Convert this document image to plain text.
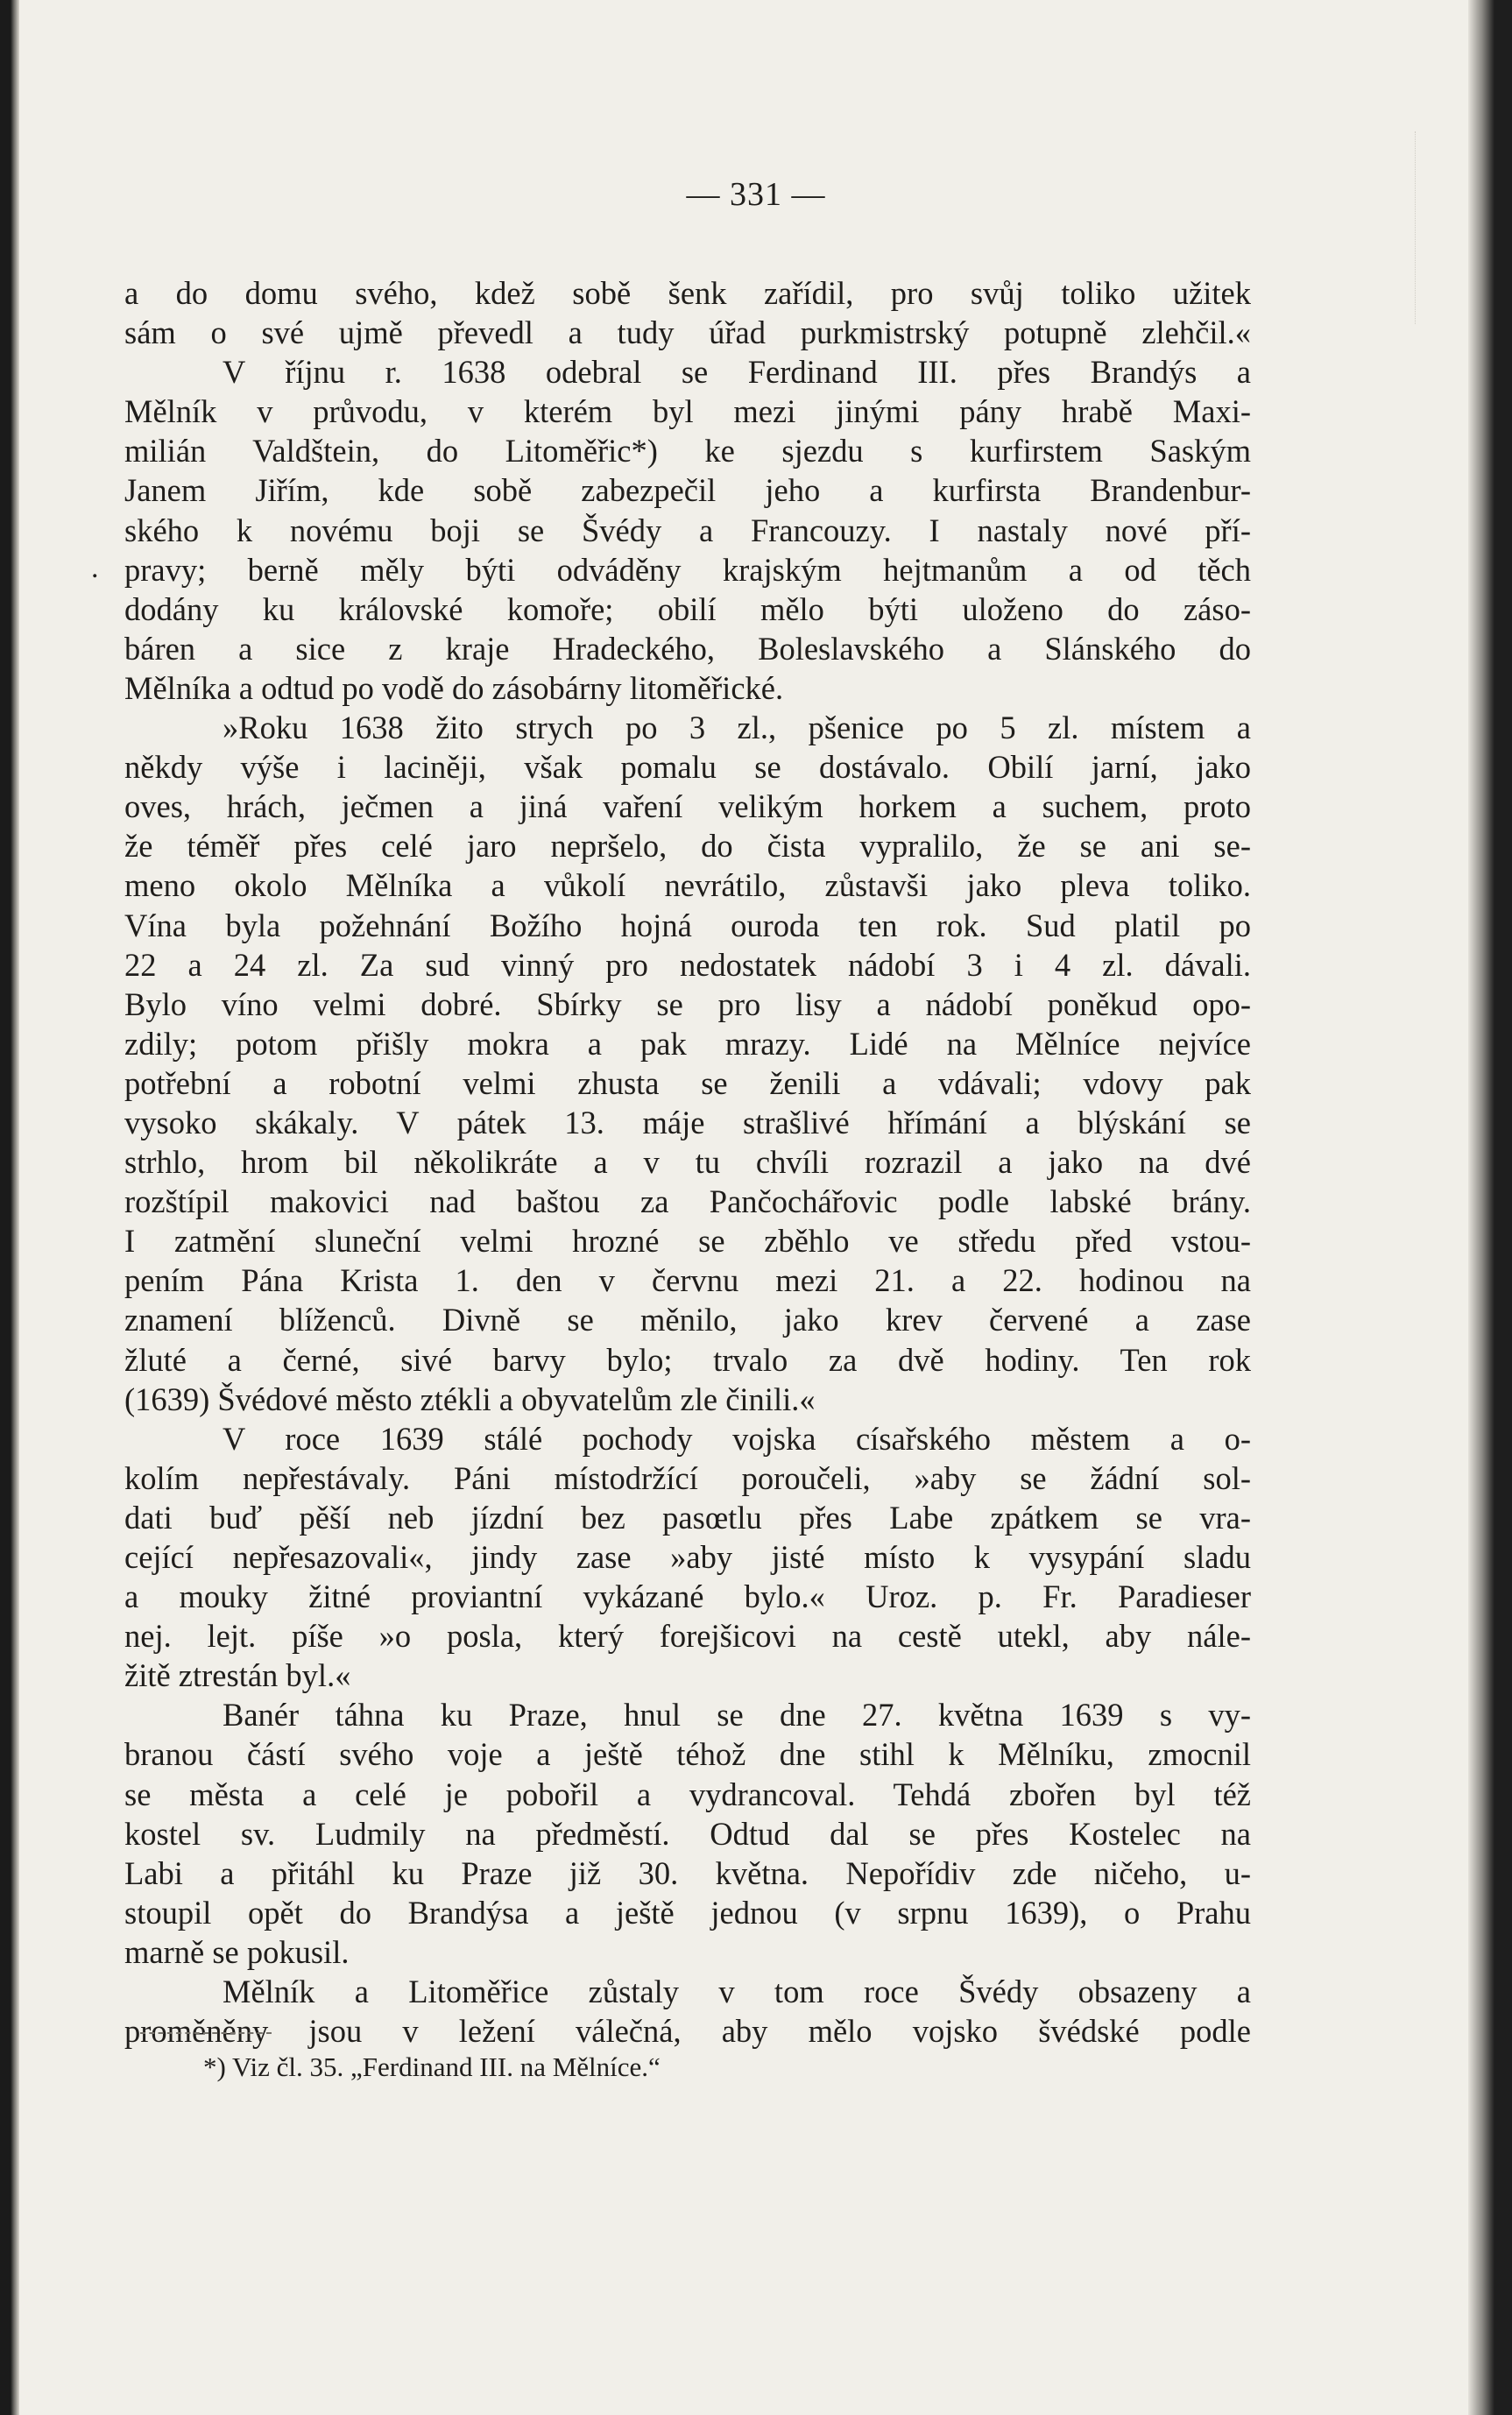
— 331 —
.
a do domu svého, kdež sobě šenk zařídil, pro svůj toliko užitek
sám o své ujmě převedl a tudy úřad purkmistrský potupně zlehčil.«
V říjnu r. 1638 odebral se Ferdinand III. přes Brandýs a
Mělník v průvodu, v kterém byl mezi jinými pány hrabě Maxi-
milián Valdštein, do Litoměřic*) ke sjezdu s kurfirstem Saským
Janem Jiřím, kde sobě zabezpečil jeho a kurfirsta Brandenbur-
ského k novému boji se Švédy a Francouzy. I nastaly nové pří-
pravy; berně měly býti odváděny krajským hejtmanům a od těch
dodány ku královské komoře; obilí mělo býti uloženo do záso-
báren a sice z kraje Hradeckého, Boleslavského a Slánského do
Mělníka a odtud po vodě do zásobárny litoměřické.
»Roku 1638 žito strych po 3 zl., pšenice po 5 zl. místem a
někdy výše i laciněji, však pomalu se dostávalo. Obilí jarní, jako
oves, hrách, ječmen a jiná vaření velikým horkem a suchem, proto
že téměř přes celé jaro nepršelo, do čista vypralilo, že se ani se-
meno okolo Mělníka a vůkolí nevrátilo, zůstavši jako pleva toliko.
Vína byla požehnání Božího hojná ouroda ten rok. Sud platil po
22 a 24 zl. Za sud vinný pro nedostatek nádobí 3 i 4 zl. dávali.
Bylo víno velmi dobré. Sbírky se pro lisy a nádobí poněkud opo-
zdily; potom přišly mokra a pak mrazy. Lidé na Mělníce nejvíce
potřební a robotní velmi zhusta se ženili a vdávali; vdovy pak
vysoko skákaly. V pátek 13. máje strašlivé hřímání a blýskání se
strhlo, hrom bil několikráte a v tu chvíli rozrazil a jako na dvé
rozštípil makovici nad baštou za Pančochářovic podle labské brány.
I zatmění sluneční velmi hrozné se zběhlo ve středu před vstou-
pením Pána Krista 1. den v červnu mezi 21. a 22. hodinou na
znamení blíženců. Divně se měnilo, jako krev červené a zase
žluté a černé, sivé barvy bylo; trvalo za dvě hodiny. Ten rok
(1639) Švédové město ztékli a obyvatelům zle činili.«
V roce 1639 stálé pochody vojska císařského městem a o-
kolím nepřestávaly. Páni místodržící poroučeli, »aby se žádní sol-
dati buď pěší neb jízdní bez pasœtlu přes Labe zpátkem se vra-
cející nepřesazovali«, jindy zase »aby jisté místo k vysypání sladu
a mouky žitné proviantní vykázané bylo.« Uroz. p. Fr. Paradieser
nej. lejt. píše »o posla, který forejšicovi na cestě utekl, aby nále-
žitě ztrestán byl.«
Banér táhna ku Praze, hnul se dne 27. května 1639 s vy-
branou částí svého voje a ještě téhož dne stihl k Mělníku, zmocnil
se města a celé je pobořil a vydrancoval. Tehdá zbořen byl též
kostel sv. Ludmily na předměstí. Odtud dal se přes Kostelec na
Labi a přitáhl ku Praze již 30. května. Nepořídiv zde ničeho, u-
stoupil opět do Brandýsa a ještě jednou (v srpnu 1639), o Prahu
marně se pokusil.
Mělník a Litoměřice zůstaly v tom roce Švédy obsazeny a
proměněny jsou v ležení válečná, aby mělo vojsko švédské podle
*) Viz čl. 35. „Ferdinand III. na Mělníce.“
